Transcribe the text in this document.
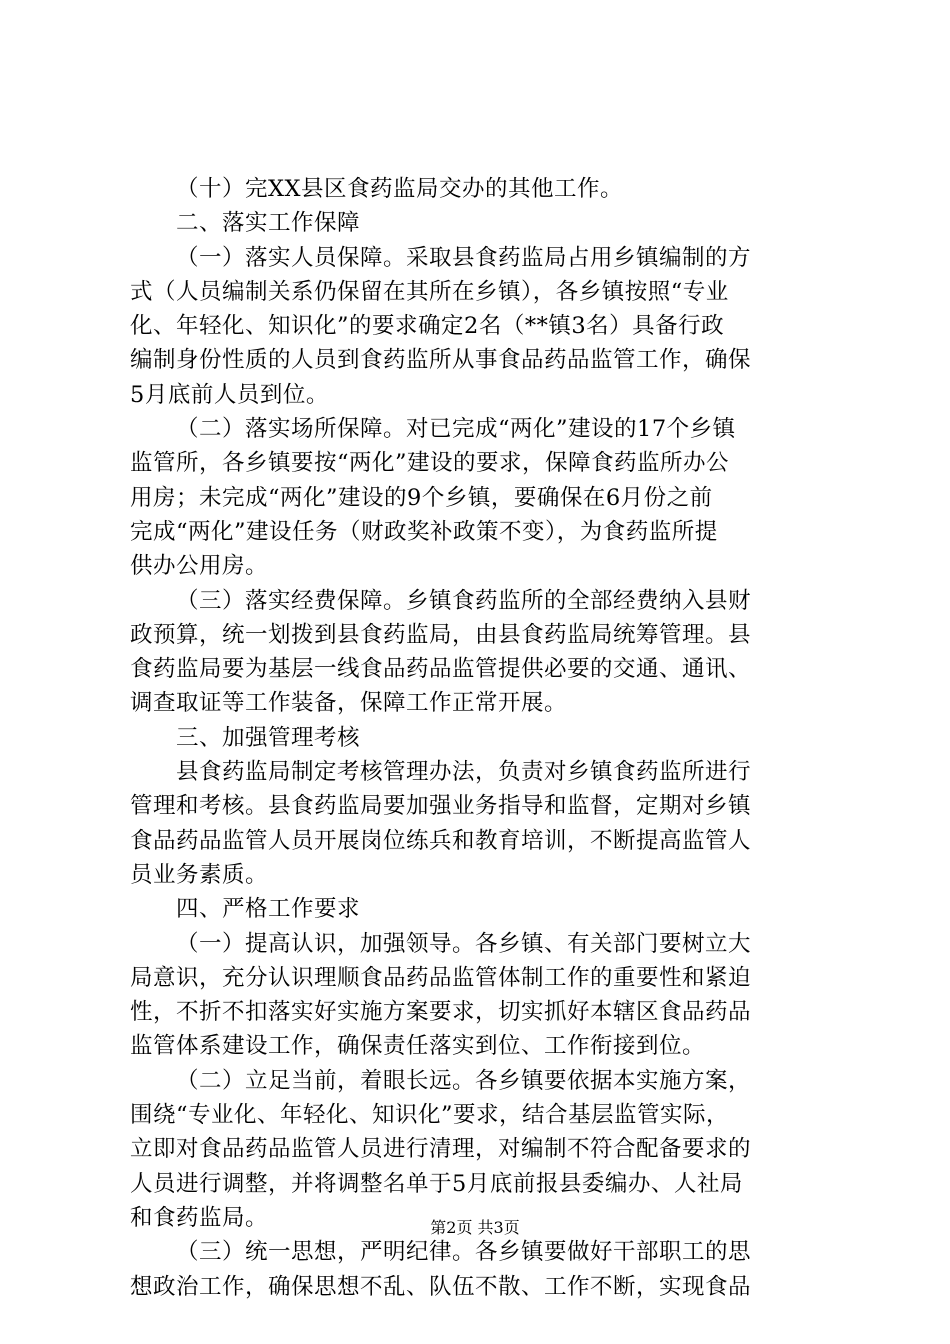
（十）完XX县区食药监局交办的其他工作。
二、落实工作保障
（一）落实人员保障。采取县食药监局占用乡镇编制的方
式（人员编制关系仍保留在其所在乡镇），各乡镇按照“专业
化、年轻化、知识化”的要求确定2名（**镇3名）具备行政
编制身份性质的人员到食药监所从事食品药品监管工作，确保
5月底前人员到位。
（二）落实场所保障。对已完成“两化”建设的17个乡镇
监管所，各乡镇要按“两化”建设的要求，保障食药监所办公
用房；未完成“两化”建设的9个乡镇，要确保在6月份之前
完成“两化”建设任务（财政奖补政策不变），为食药监所提
供办公用房。
（三）落实经费保障。乡镇食药监所的全部经费纳入县财
政预算，统一划拨到县食药监局，由县食药监局统筹管理。县
食药监局要为基层一线食品药品监管提供必要的交通、通讯、
调查取证等工作装备，保障工作正常开展。
三、加强管理考核
县食药监局制定考核管理办法，负责对乡镇食药监所进行
管理和考核。县食药监局要加强业务指导和监督，定期对乡镇
食品药品监管人员开展岗位练兵和教育培训，不断提高监管人
员业务素质。
四、严格工作要求
（一）提高认识，加强领导。各乡镇、有关部门要树立大
局意识，充分认识理顺食品药品监管体制工作的重要性和紧迫
性，不折不扣落实好实施方案要求，切实抓好本辖区食品药品
监管体系建设工作，确保责任落实到位、工作衔接到位。
（二）立足当前，着眼长远。各乡镇要依据本实施方案，
围绕“专业化、年轻化、知识化”要求，结合基层监管实际，
立即对食品药品监管人员进行清理，对编制不符合配备要求的
人员进行调整，并将调整名单于5月底前报县委编办、人社局
和食药监局。
（三）统一思想，严明纪律。各乡镇要做好干部职工的思
想政治工作，确保思想不乱、队伍不散、工作不断，实现食品
第2页 共3页
